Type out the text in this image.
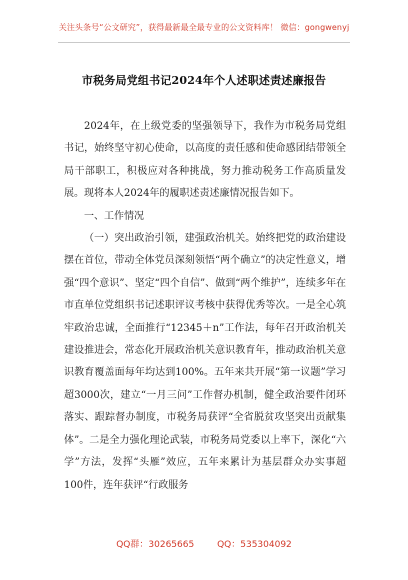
关注头条号“公文研究”，获得最新最全最专业的公文资料库！ 微信：gongwenyj
市税务局党组书记2024年个人述职述责述廉报告

2024年，在上级党委的坚强领导下，我作为市税务局党组书记，始终坚守初心使命，以高度的责任感和使命感团结带领全局干部职工，积极应对各种挑战，努力推动税务工作高质量发展。现将本人2024年的履职述责述廉情况报告如下。

一、工作情况

（一）突出政治引领，建强政治机关。始终把党的政治建设摆在首位，带动全体党员深刻领悟“两个确立”的决定性意义，增强“四个意识”、坚定“四个自信”、做到“两个维护”，连续多年在市直单位党组织书记述职评议考核中获得优秀等次。一是全心筑牢政治忠诚，全面推行“12345＋n”工作法，每年召开政治机关建设推进会，常态化开展政治机关意识教育年，推动政治机关意识教育覆盖面每年均达到100%。五年来共开展“第一议题”学习超3000次，建立“一月三问”工作督办机制，健全政治要件闭环落实、跟踪督办制度，市税务局获评“全省脱贫攻坚突出贡献集体”。二是全力强化理论武装，市税务局党委以上率下，深化“六学”方法，发挥“头雁”效应，五年来累计为基层群众办实事超100件，连年获评“行政服务

QQ群：30265665	QQ：535304092
